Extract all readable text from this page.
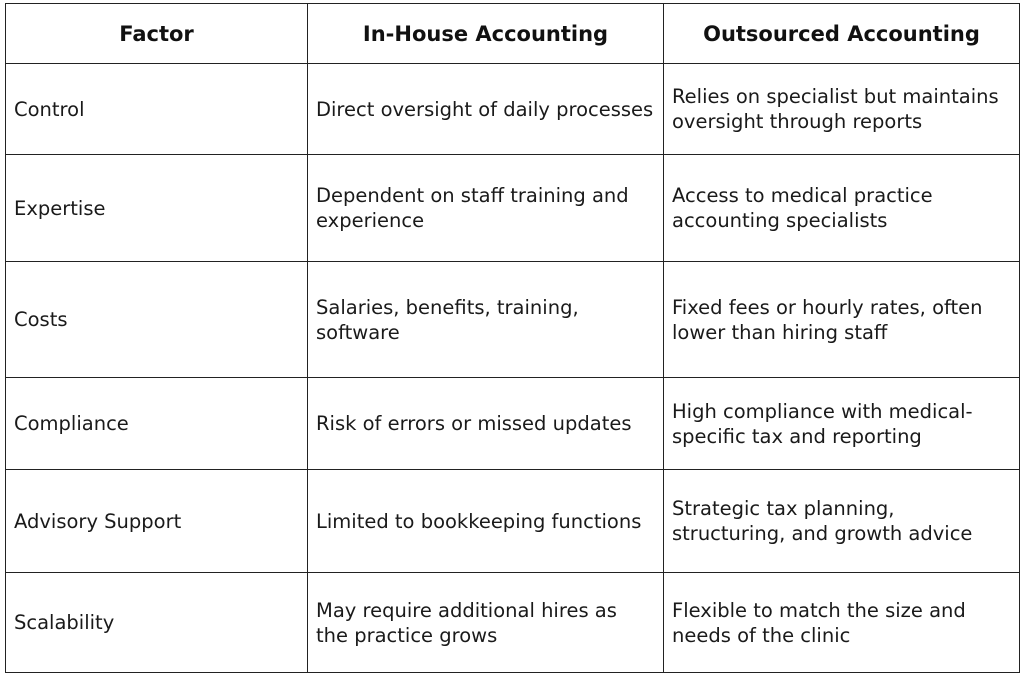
Factor	In-House Accounting	Outsourced Accounting
Control	Direct oversight of daily processes	Relies on specialist but maintains oversight through reports
Expertise	Dependent on staff training and experience	Access to medical practice accounting specialists
Costs	Salaries, benefits, training, software	Fixed fees or hourly rates, often lower than hiring staff
Compliance	Risk of errors or missed updates	High compliance with medical-specific tax and reporting
Advisory Support	Limited to bookkeeping functions	Strategic tax planning, structuring, and growth advice
Scalability	May require additional hires as the practice grows	Flexible to match the size and needs of the clinic
